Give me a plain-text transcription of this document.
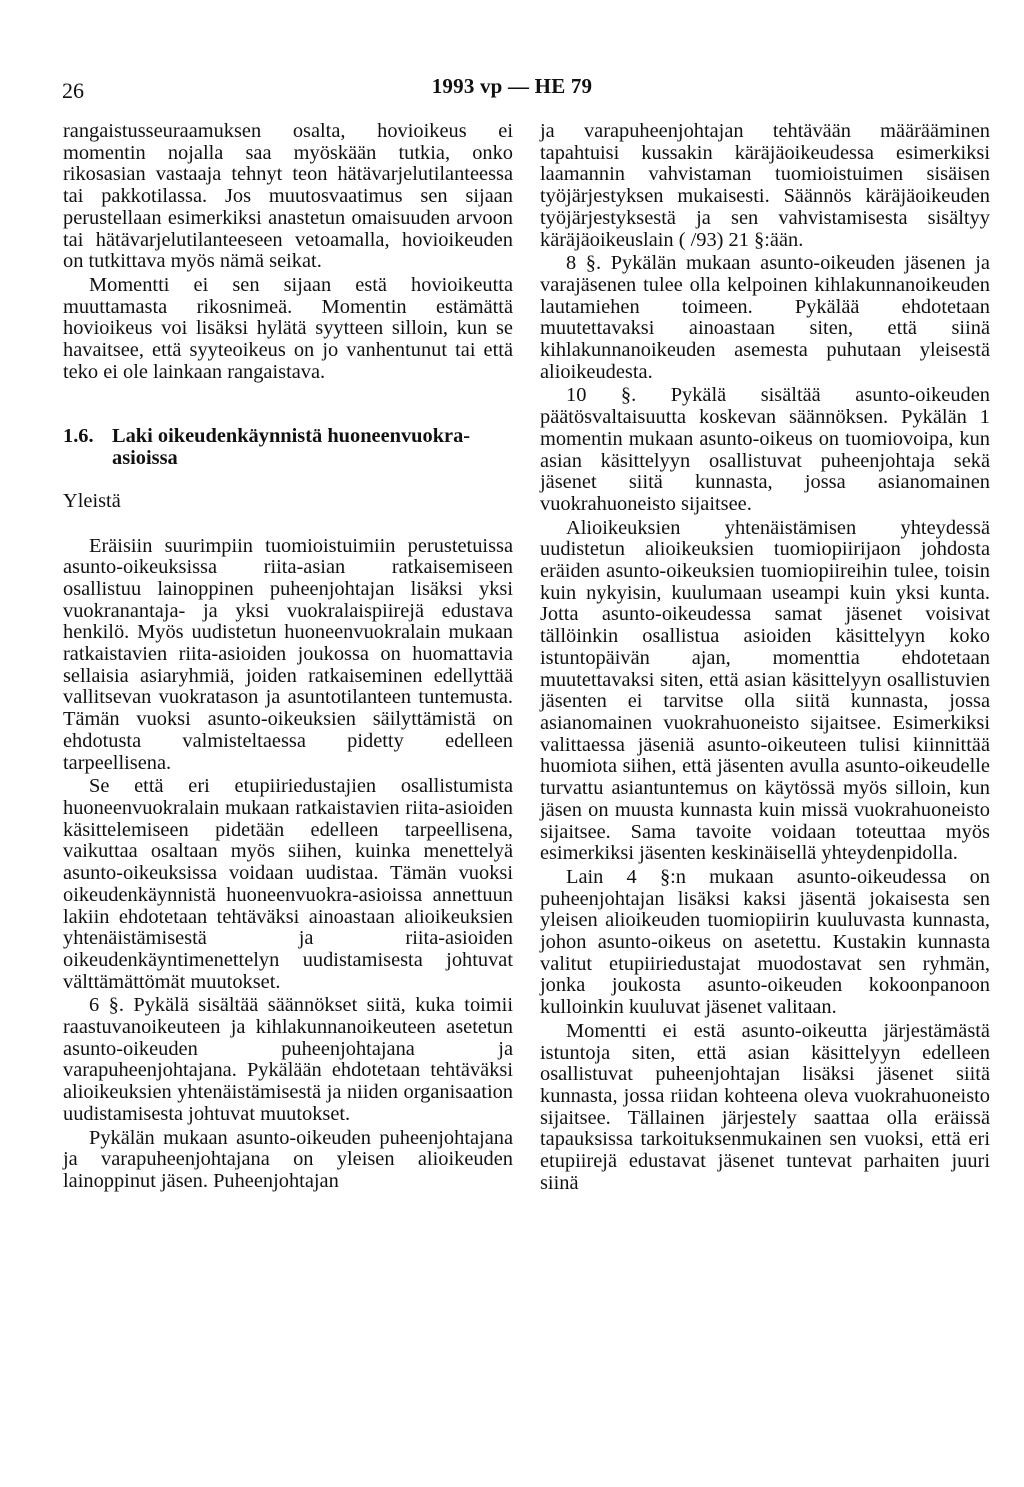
26	1993 vp — HE 79

rangaistusseuraamuksen osalta, hovioikeus ei momentin nojalla saa myöskään tutkia, onko rikosasian vastaaja tehnyt teon hätävarjelutilanteessa tai pakkotilassa. Jos muutosvaatimus sen sijaan perustellaan esimerkiksi anastetun omaisuuden arvoon tai hätävarjelutilanteeseen vetoamalla, hovioikeuden on tutkittava myös nämä seikat.

Momentti ei sen sijaan estä hovioikeutta muuttamasta rikosnimeä. Momentin estämättä hovioikeus voi lisäksi hylätä syytteen silloin, kun se havaitsee, että syyteoikeus on jo vanhentunut tai että teko ei ole lainkaan rangaistava.

1.6. Laki oikeudenkäynnistä huoneenvuokra-asioissa
Yleistä

Eräisiin suurimpiin tuomioistuimiin perustetuissa asunto-oikeuksissa riita-asian ratkaisemiseen osallistuu lainoppinen puheenjohtajan lisäksi yksi vuokranantaja- ja yksi vuokralaispiirejä edustava henkilö. Myös uudistetun huoneenvuokralain mukaan ratkaistavien riita-asioiden joukossa on huomattavia sellaisia asiaryhmiä, joiden ratkaiseminen edellyttää vallitsevan vuokratason ja asuntotilanteen tuntemusta. Tämän vuoksi asunto-oikeuksien säilyttämistä on ehdotusta valmisteltaessa pidetty edelleen tarpeellisena.

Se että eri etupiiriedustajien osallistumista huoneenvuokralain mukaan ratkaistavien riita-asioiden käsittelemiseen pidetään edelleen tarpeellisena, vaikuttaa osaltaan myös siihen, kuinka menettelyä asunto-oikeuksissa voidaan uudistaa. Tämän vuoksi oikeudenkäynnistä huoneenvuokra-asioissa annettuun lakiin ehdotetaan tehtäväksi ainoastaan alioikeuksien yhtenäistämisestä ja riita-asioiden oikeudenkäyntimenettelyn uudistamisesta johtuvat välttämättömät muutokset.

6 §. Pykälä sisältää säännökset siitä, kuka toimii raastuvanoikeuteen ja kihlakunnanoikeuteen asetetun asunto-oikeuden puheenjohtajana ja varapuheenjohtajana. Pykälään ehdotetaan tehtäväksi alioikeuksien yhtenäistämisestä ja niiden organisaation uudistamisesta johtuvat muutokset.

Pykälän mukaan asunto-oikeuden puheenjohtajana ja varapuheenjohtajana on yleisen alioikeuden lainoppinut jäsen. Puheenjohtajan

ja varapuheenjohtajan tehtävään määrääminen tapahtuisi kussakin käräjäoikeudessa esimerkiksi laamannin vahvistaman tuomioistuimen sisäisen työjärjestyksen mukaisesti. Säännös käräjäoikeuden työjärjestyksestä ja sen vahvistamisesta sisältyy käräjäoikeuslain ( /93) 21 §:ään.

8 §. Pykälän mukaan asunto-oikeuden jäsenen ja varajäsenen tulee olla kelpoinen kihlakunnanoikeuden lautamiehen toimeen. Pykälää ehdotetaan muutettavaksi ainoastaan siten, että siinä kihlakunnanoikeuden asemesta puhutaan yleisestä alioikeudesta.

10 §. Pykälä sisältää asunto-oikeuden päätösvaltaisuutta koskevan säännöksen. Pykälän 1 momentin mukaan asunto-oikeus on tuomiovoipa, kun asian käsittelyyn osallistuvat puheenjohtaja sekä jäsenet siitä kunnasta, jossa asianomainen vuokrahuoneisto sijaitsee.

Alioikeuksien yhtenäistämisen yhteydessä uudistetun alioikeuksien tuomiopiirijaon johdosta eräiden asunto-oikeuksien tuomiopiireihin tulee, toisin kuin nykyisin, kuulumaan useampi kuin yksi kunta. Jotta asunto-oikeudessa samat jäsenet voisivat tällöinkin osallistua asioiden käsittelyyn koko istuntopäivän ajan, momenttia ehdotetaan muutettavaksi siten, että asian käsittelyyn osallistuvien jäsenten ei tarvitse olla siitä kunnasta, jossa asianomainen vuokrahuoneisto sijaitsee. Esimerkiksi valittaessa jäseniä asunto-oikeuteen tulisi kiinnittää huomiota siihen, että jäsenten avulla asunto-oikeudelle turvattu asiantuntemus on käytössä myös silloin, kun jäsen on muusta kunnasta kuin missä vuokrahuoneisto sijaitsee. Sama tavoite voidaan toteuttaa myös esimerkiksi jäsenten keskinäisellä yhteydenpidolla.

Lain 4 §:n mukaan asunto-oikeudessa on puheenjohtajan lisäksi kaksi jäsentä jokaisesta sen yleisen alioikeuden tuomiopiirin kuuluvasta kunnasta, johon asunto-oikeus on asetettu. Kustakin kunnasta valitut etupiiriedustajat muodostavat sen ryhmän, jonka joukosta asunto-oikeuden kokoonpanoon kulloinkin kuuluvat jäsenet valitaan.

Momentti ei estä asunto-oikeutta järjestämästä istuntoja siten, että asian käsittelyyn edelleen osallistuvat puheenjohtajan lisäksi jäsenet siitä kunnasta, jossa riidan kohteena oleva vuokrahuoneisto sijaitsee. Tällainen järjestely saattaa olla eräissä tapauksissa tarkoituksenmukainen sen vuoksi, että eri etupiirejä edustavat jäsenet tuntevat parhaiten juuri siinä
